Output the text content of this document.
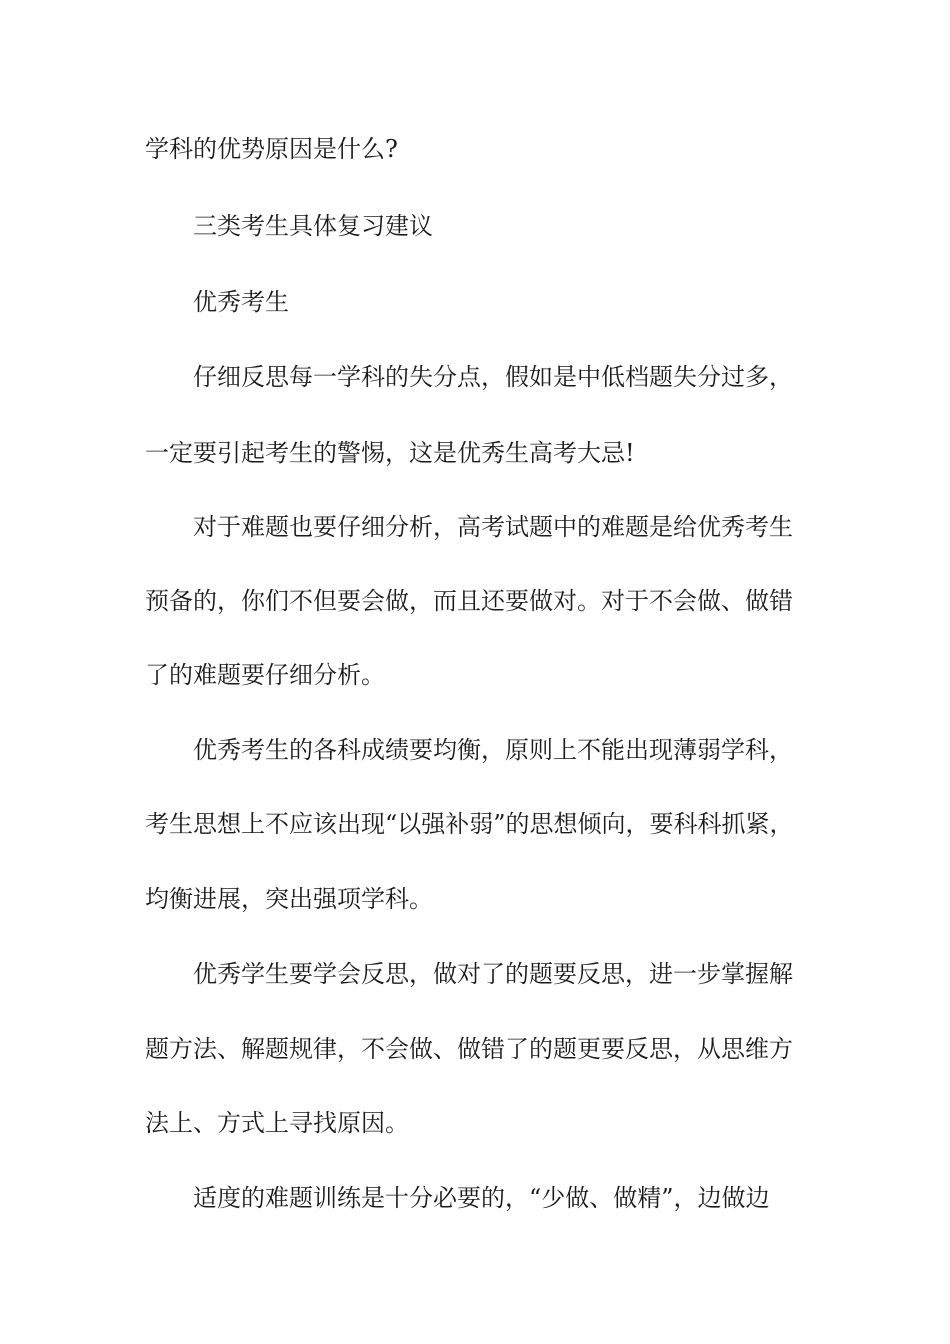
学科的优势原因是什么?

三类考生具体复习建议

优秀考生

仔细反思每一学科的失分点，假如是中低档题失分过多，

一定要引起考生的警惕，这是优秀生高考大忌!

对于难题也要仔细分析，高考试题中的难题是给优秀考生

预备的，你们不但要会做，而且还要做对。对于不会做、做错

了的难题要仔细分析。

优秀考生的各科成绩要均衡，原则上不能出现薄弱学科，

考生思想上不应该出现“以强补弱”的思想倾向，要科科抓紧，

均衡进展，突出强项学科。

优秀学生要学会反思，做对了的题要反思，进一步掌握解

题方法、解题规律，不会做、做错了的题更要反思，从思维方

法上、方式上寻找原因。

适度的难题训练是十分必要的，“少做、做精”，边做边
